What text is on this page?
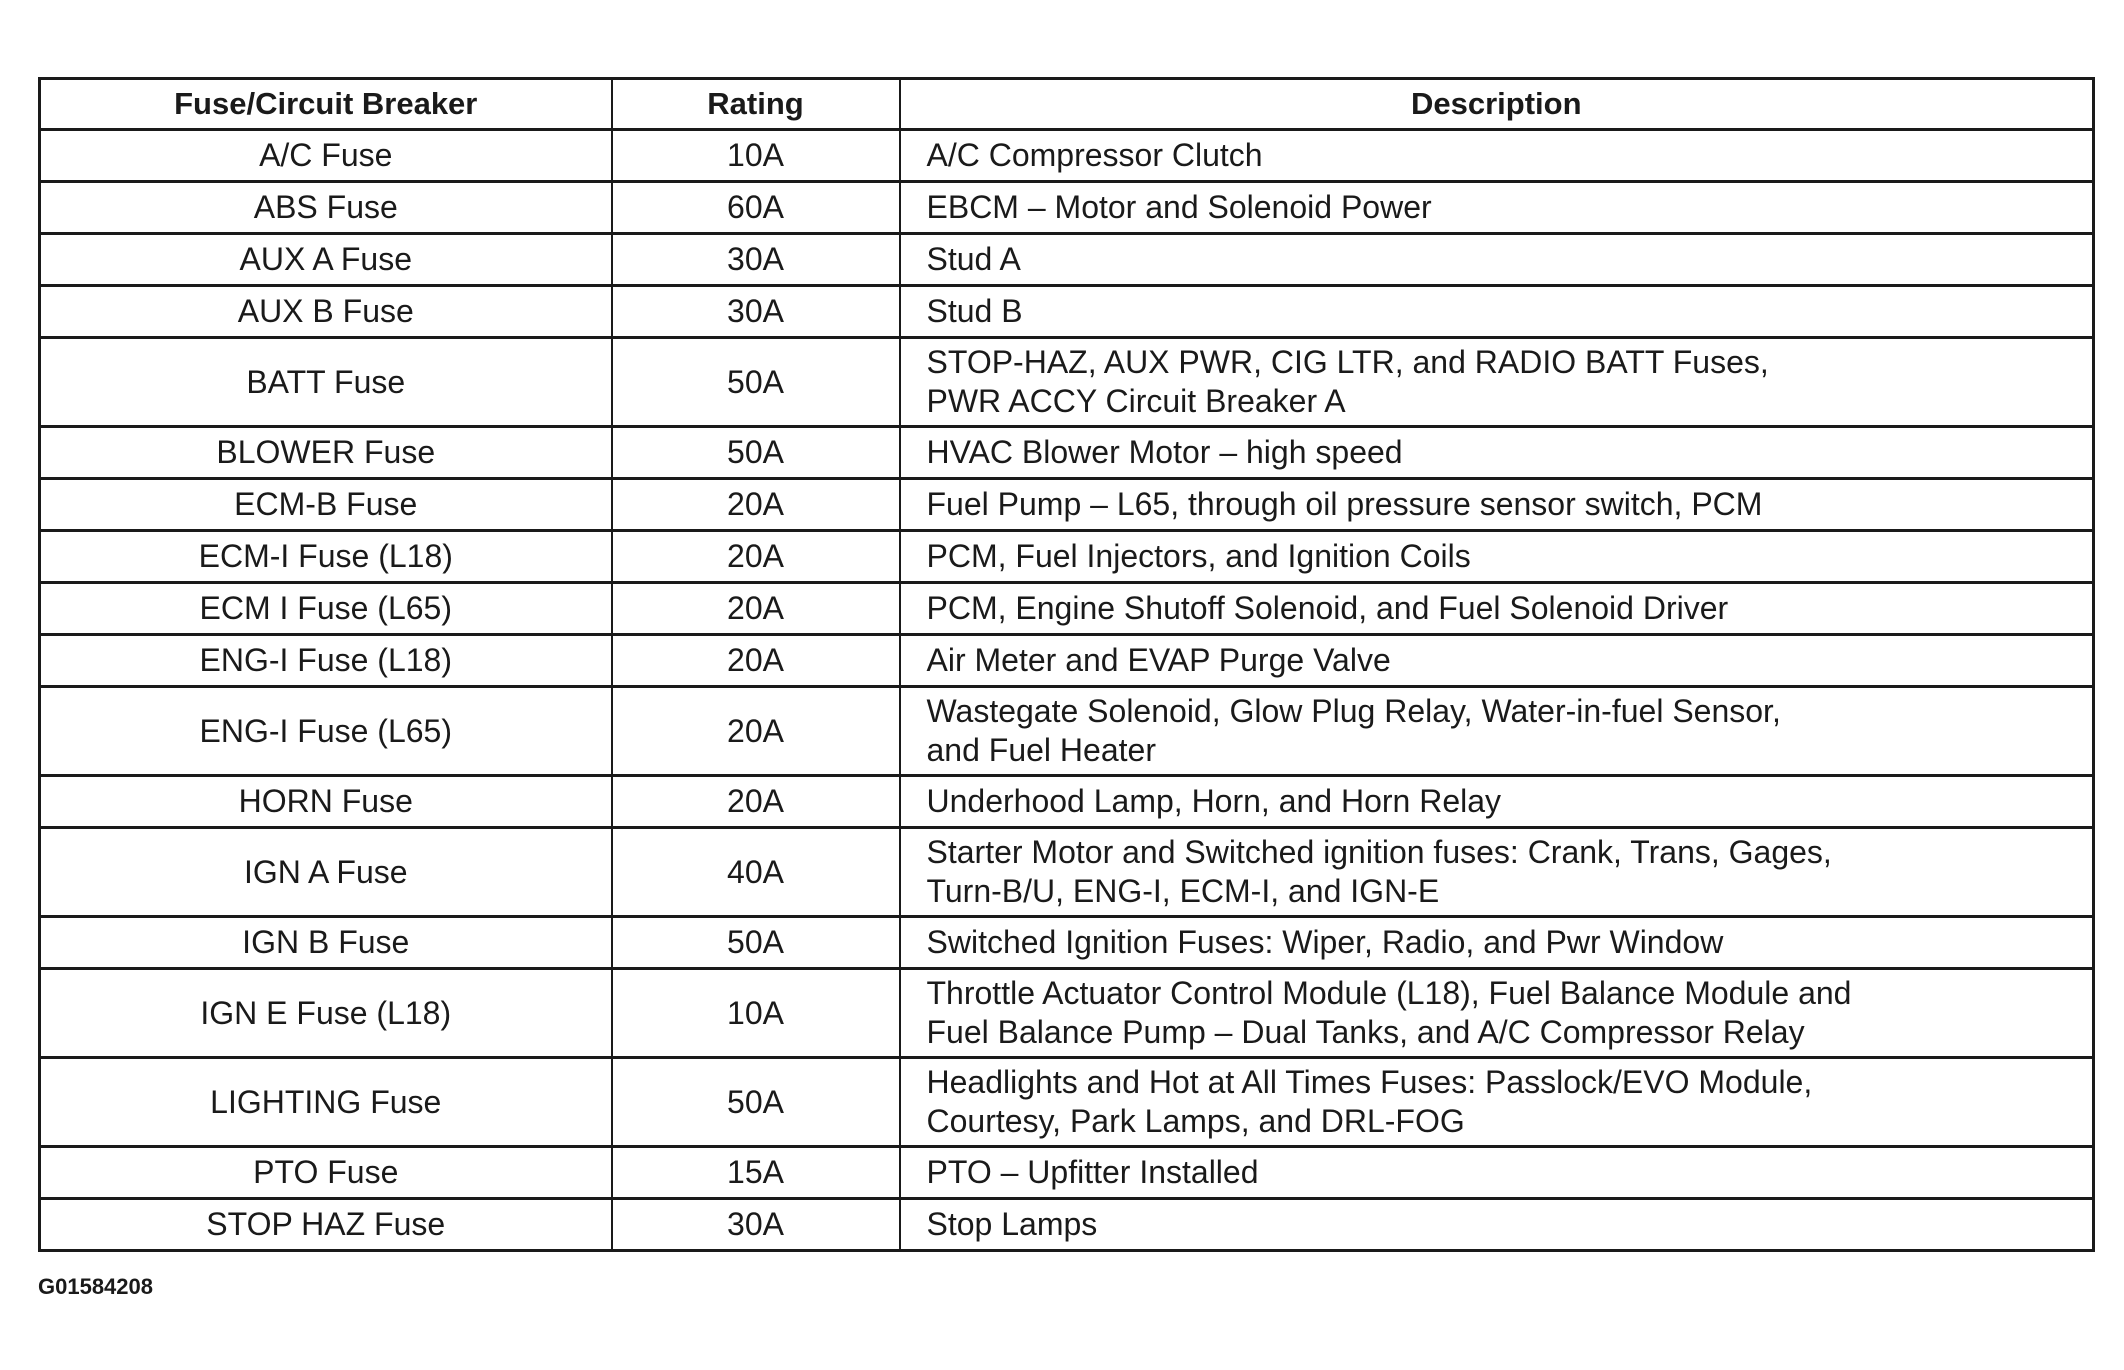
Fuse/Circuit Breaker	Rating	Description
A/C Fuse	10A	A/C Compressor Clutch
ABS Fuse	60A	EBCM – Motor and Solenoid Power
AUX A Fuse	30A	Stud A
AUX B Fuse	30A	Stud B
BATT Fuse	50A	STOP-HAZ, AUX PWR, CIG LTR, and RADIO BATT Fuses,
PWR ACCY Circuit Breaker A
BLOWER Fuse	50A	HVAC Blower Motor – high speed
ECM-B Fuse	20A	Fuel Pump – L65, through oil pressure sensor switch, PCM
ECM-I Fuse (L18)	20A	PCM, Fuel Injectors, and Ignition Coils
ECM I Fuse (L65)	20A	PCM, Engine Shutoff Solenoid, and Fuel Solenoid Driver
ENG-I Fuse (L18)	20A	Air Meter and EVAP Purge Valve
ENG-I Fuse (L65)	20A	Wastegate Solenoid, Glow Plug Relay, Water-in-fuel Sensor,
and Fuel Heater
HORN Fuse	20A	Underhood Lamp, Horn, and Horn Relay
IGN A Fuse	40A	Starter Motor and Switched ignition fuses: Crank, Trans, Gages,
Turn-B/U, ENG-I, ECM-I, and IGN-E
IGN B Fuse	50A	Switched Ignition Fuses: Wiper, Radio, and Pwr Window
IGN E Fuse (L18)	10A	Throttle Actuator Control Module (L18), Fuel Balance Module and
Fuel Balance Pump – Dual Tanks, and A/C Compressor Relay
LIGHTING Fuse	50A	Headlights and Hot at All Times Fuses: Passlock/EVO Module,
Courtesy, Park Lamps, and DRL-FOG
PTO Fuse	15A	PTO – Upfitter Installed
STOP HAZ Fuse	30A	Stop Lamps
G01584208
